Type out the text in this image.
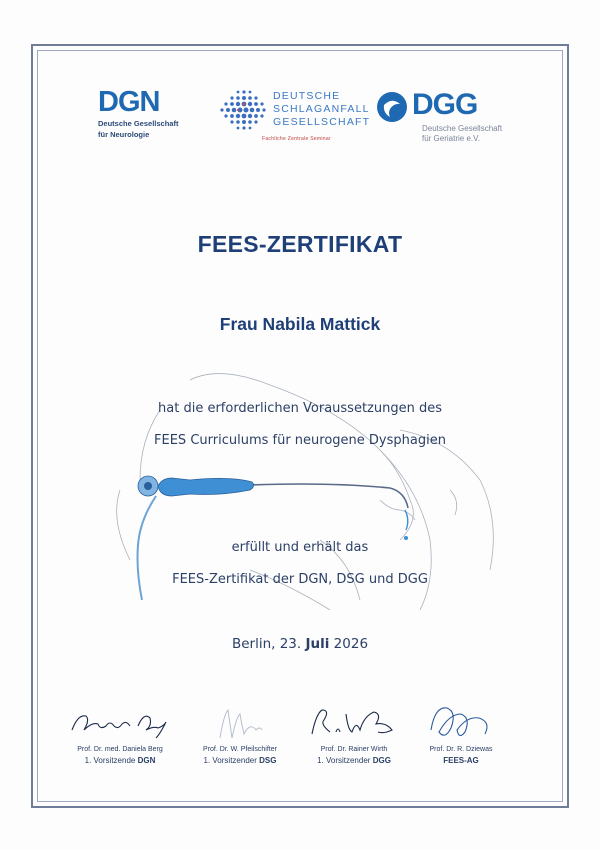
DGN
Deutsche Gesellschaft
für Neurologie
DEUTSCHE
SCHLAGANFALL
GESELLSCHAFT
Fachliche Zentrale Seminar
DGG
Deutsche Gesellschaft
für Geriatrie e.V.
FEES-ZERTIFIKAT
Frau Nabila Mattick
hat die erforderlichen Voraussetzungen des
FEES Curriculums für neurogene Dysphagien
erfüllt und erhält das
FEES-Zertifikat der DGN, DSG und DGG
Berlin, 23. Juli 2026
Prof. Dr. med. Daniela Berg
1. Vorsitzende DGN
Prof. Dr. W. Pfeilschifter
1. Vorsitzender DSG
Prof. Dr. Rainer Wirth
1. Vorsitzender DGG
Prof. Dr. R. Dziewas
FEES-AG
